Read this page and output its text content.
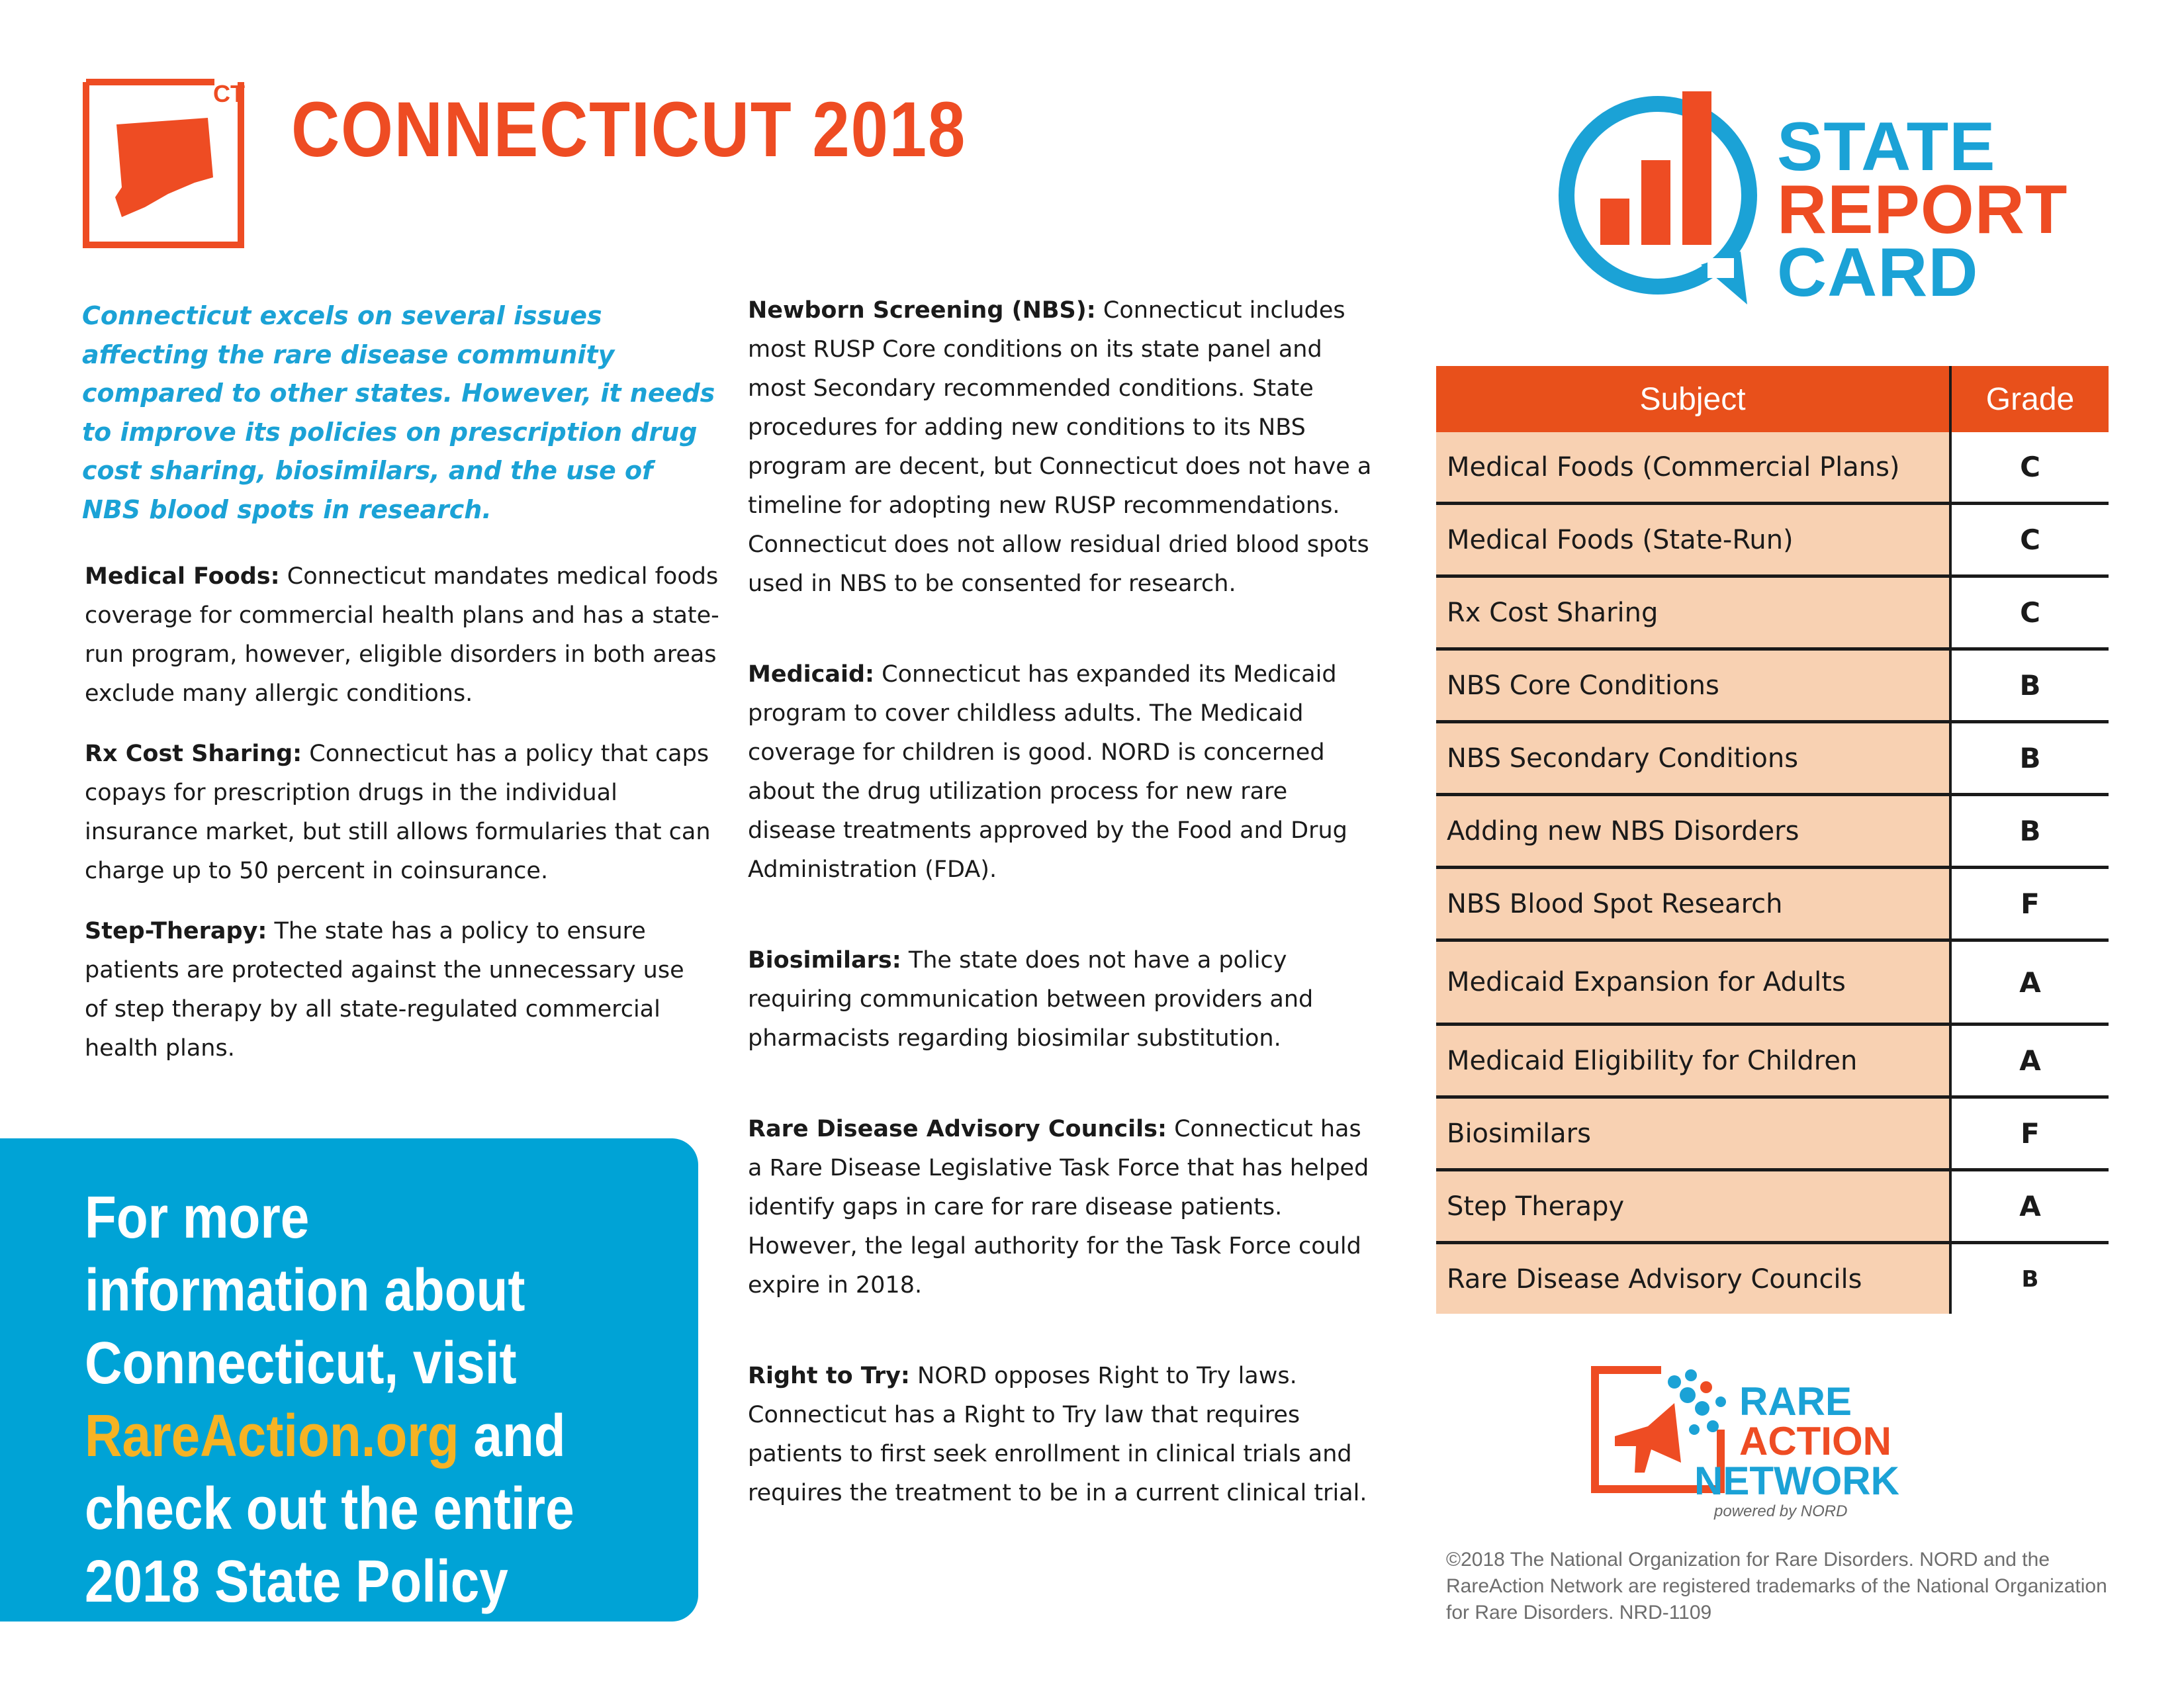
CT CONNECTICUT 2018	STATE

REPORT

CARD

Connecticut excels on several issues affecting the rare disease community compared to other states. However, it needs to improve its policies on prescription drug cost sharing, biosimilars, and the use of NBS blood spots in research.

Medical Foods: Connecticut mandates medical foods coverage for commercial health plans and has a state-run program, however, eligible disorders in both areas exclude many allergic conditions.

Rx Cost Sharing: Connecticut has a policy that caps copays for prescription drugs in the individual insurance market, but still allows formularies that can charge up to 50 percent in coinsurance.

Step-Therapy: The state has a policy to ensure patients are protected against the unnecessary use of step therapy by all state-regulated commercial health plans.

Newborn Screening (NBS): Connecticut includes most RUSP Core conditions on its state panel and most Secondary recommended conditions. State procedures for adding new conditions to its NBS program are decent, but Connecticut does not have a timeline for adopting new RUSP recommendations. Connecticut does not allow residual dried blood spots used in NBS to be consented for research.

Medicaid: Connecticut has expanded its Medicaid program to cover childless adults. The Medicaid coverage for children is good. NORD is concerned about the drug utilization process for new rare disease treatments approved by the Food and Drug Administration (FDA).

Biosimilars: The state does not have a policy requiring communication between providers and pharmacists regarding biosimilar substitution.

Rare Disease Advisory Councils: Connecticut has a Rare Disease Legislative Task Force that has helped identify gaps in care for rare disease patients. However, the legal authority for the Task Force could expire in 2018.

Right to Try: NORD opposes Right to Try laws. Connecticut has a Right to Try law that requires patients to first seek enrollment in clinical trials and requires the treatment to be in a current clinical trial.

For more information about Connecticut, visit RareAction.org and check out the entire 2018 State Policy Report Card

Subject	Grade
Medical Foods (Commercial Plans)	C
Medical Foods (State-Run)	C
Rx Cost Sharing	C
NBS Core Conditions	B
NBS Secondary Conditions	B
Adding new NBS Disorders	B
NBS Blood Spot Research	F
Medicaid Expansion for Adults	A
Medicaid Eligibility for Children	A
Biosimilars	F
Step Therapy	A
Rare Disease Advisory Councils	B

RARE

ACTION

NETWORK

powered by NORD

©2018 The National Organization for Rare Disorders. NORD and the RareAction Network are registered trademarks of the National Organization for Rare Disorders. NRD-1109
